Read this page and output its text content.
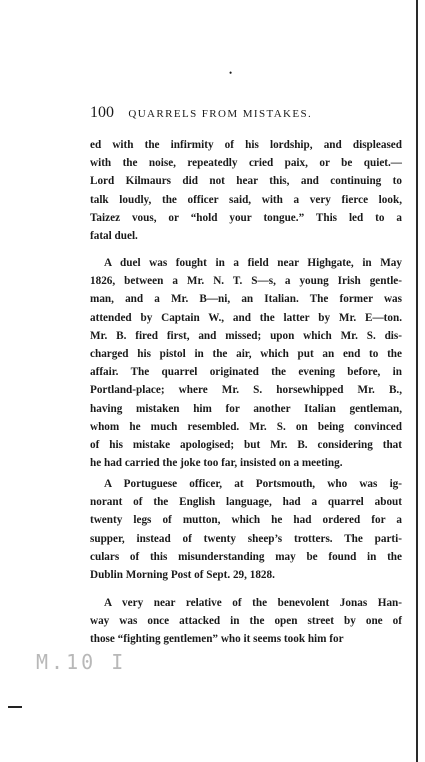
•
100 QUARRELS FROM MISTAKES.
ed with the infirmity of his lordship, and displeased
with the noise, repeatedly cried paix, or be quiet.—
Lord Kilmaurs did not hear this, and continuing to
talk loudly, the officer said, with a very fierce look,
Taizez vous, or “hold your tongue.” This led to a
fatal duel.
A duel was fought in a field near Highgate, in May
1826, between a Mr. N. T. S—s, a young Irish gentle-
man, and a Mr. B—ni, an Italian. The former was
attended by Captain W., and the latter by Mr. E—ton.
Mr. B. fired first, and missed; upon which Mr. S. dis-
charged his pistol in the air, which put an end to the
affair. The quarrel originated the evening before, in
Portland-place; where Mr. S. horsewhipped Mr. B.,
having mistaken him for another Italian gentleman,
whom he much resembled. Mr. S. on being convinced
of his mistake apologised; but Mr. B. considering that
he had carried the joke too far, insisted on a meeting.
A Portuguese officer, at Portsmouth, who was ig-
norant of the English language, had a quarrel about
twenty legs of mutton, which he had ordered for a
supper, instead of twenty sheep’s trotters. The parti-
culars of this misunderstanding may be found in the
Dublin Morning Post of Sept. 29, 1828.
A very near relative of the benevolent Jonas Han-
way was once attacked in the open street by one of
those “fighting gentlemen” who it seems took him for
M.10 I
